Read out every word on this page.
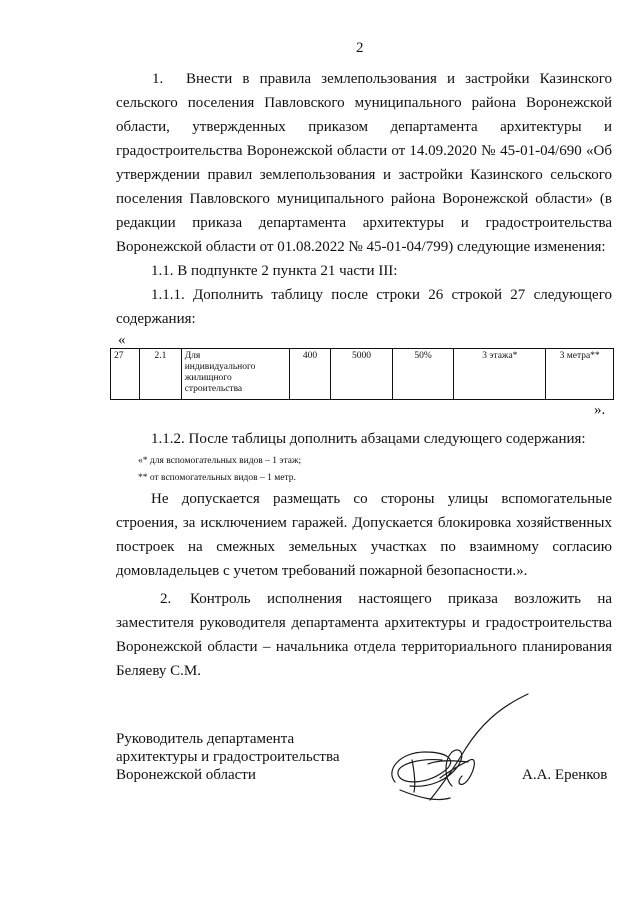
2
1. Внести в правила землепользования и застройки Казинского
сельского поселения Павловского муниципального района Воронежской
области, утвержденных приказом департамента архитектуры и
градостроительства Воронежской области от 14.09.2020 № 45-01-04/690 «Об
утверждении правил землепользования и застройки Казинского сельского
поселения Павловского муниципального района Воронежской области» (в
редакции приказа департамента архитектуры и градостроительства
Воронежской области от 01.08.2022 № 45-01-04/799) следующие изменения:
1.1. В подпункте 2 пункта 21 части III:
1.1.1. Дополнить таблицу после строки 26 строкой 27 следующего
содержания:
«
27	2.1	Для
индивидуального
жилищного
строительства
	400	5000	50%	3 этажа*	3 метра**
».
1.1.2. После таблицы дополнить абзацами следующего содержания:
«* для вспомогательных видов – 1 этаж;
** от вспомогательных видов – 1 метр.
Не допускается размещать со стороны улицы вспомогательные
строения, за исключением гаражей. Допускается блокировка хозяйственных
построек на смежных земельных участках по взаимному согласию
домовладельцев с учетом требований пожарной безопасности.».
2. Контроль исполнения настоящего приказа возложить на
заместителя руководителя департамента архитектуры и градостроительства
Воронежской области – начальника отдела территориального планирования
Беляеву С.М.
Руководитель департамента
архитектуры и градостроительства
Воронежской области	А.А. Еренков
